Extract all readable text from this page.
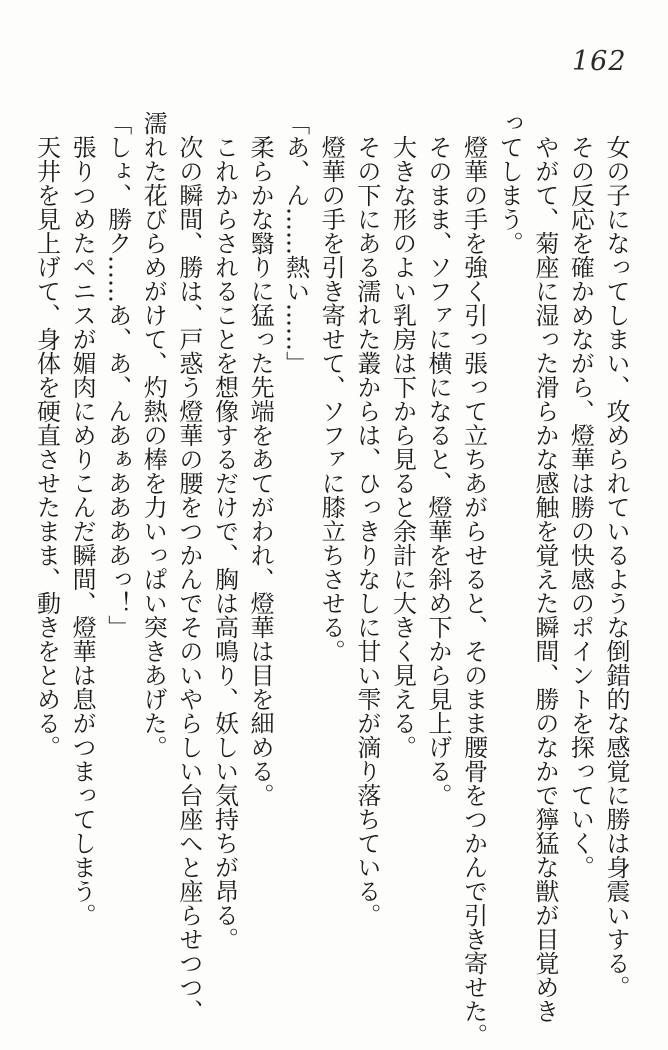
162
　女の子になってしまい、攻められているような倒錯的な感覚に勝は身震いする。
　その反応を確かめながら、燈華は勝の快感のポイントを探っていく。
　やがて、菊座に湿った滑らかな感触を覚えた瞬間、勝のなかで獰猛な獣が目覚めき
ってしまう。
　燈華の手を強く引っ張って立ちあがらせると、そのまま腰骨をつかんで引き寄せた。
　そのまま、ソファに横になると、燈華を斜め下から見上げる。
　大きな形のよい乳房は下から見ると余計に大きく見える。
　その下にある濡れた叢からは、ひっきりなしに甘い雫が滴り落ちている。
　燈華の手を引き寄せて、ソファに膝立ちさせる。
「あ、ん……熱い……」
　柔らかな翳りに猛った先端をあてがわれ、燈華は目を細める。
　これからされることを想像するだけで、胸は高鳴り、妖しい気持ちが昂る。
　次の瞬間、勝は、戸惑う燈華の腰をつかんでそのいやらしい台座へと座らせつつ、
濡れた花びらめがけて、灼熱の棒を力いっぱい突きあげた。
「しょ、勝ク……あ、あ、んあぁああああっ！」
　張りつめたペニスが媚肉にめりこんだ瞬間、燈華は息がつまってしまう。
　天井を見上げて、身体を硬直させたまま、動きをとめる。
